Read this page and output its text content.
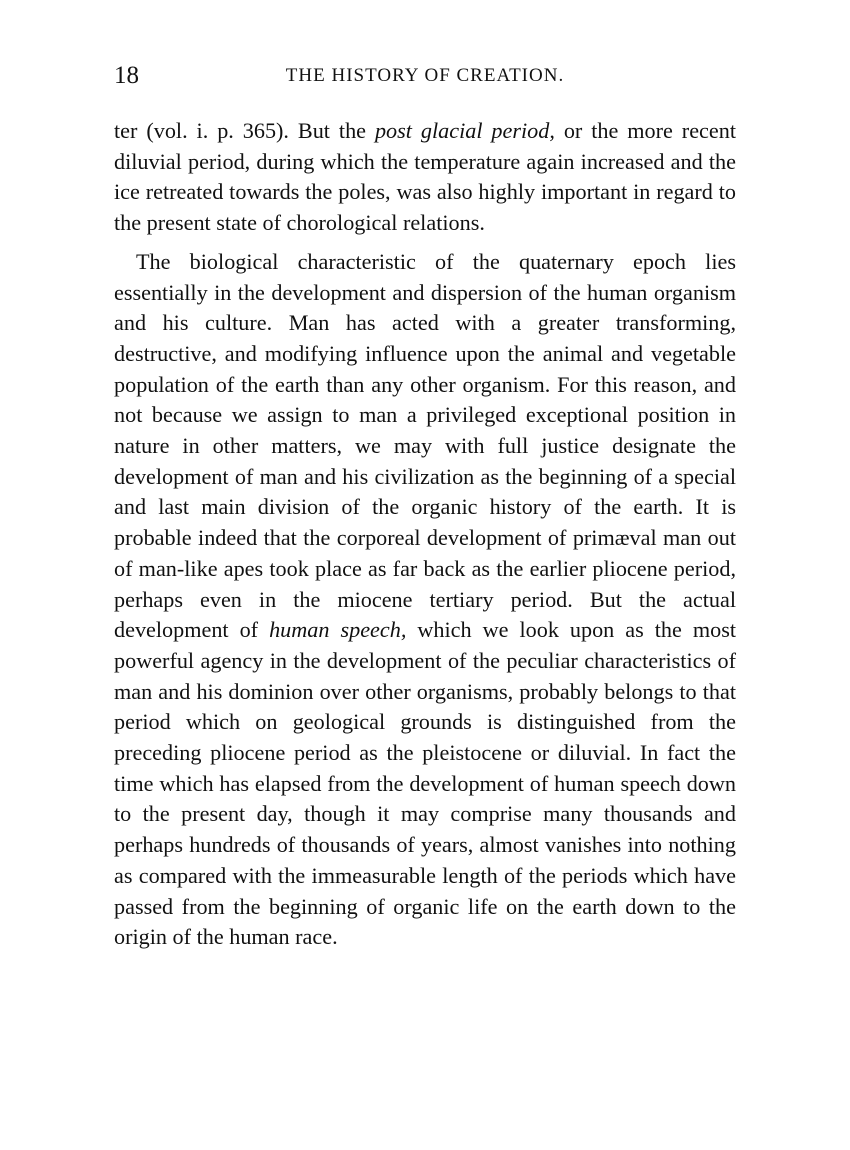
18	THE HISTORY OF CREATION.

ter (vol. i. p. 365). But the post glacial period, or the more recent diluvial period, during which the temperature again increased and the ice retreated towards the poles, was also highly important in regard to the present state of chorological relations.

The biological characteristic of the quaternary epoch lies essentially in the development and dispersion of the human organism and his culture. Man has acted with a greater transforming, destructive, and modifying influence upon the animal and vegetable population of the earth than any other organism. For this reason, and not because we assign to man a privileged exceptional position in nature in other matters, we may with full justice designate the development of man and his civilization as the beginning of a special and last main division of the organic history of the earth. It is probable indeed that the corporeal development of primæval man out of man-like apes took place as far back as the earlier pliocene period, perhaps even in the miocene tertiary period. But the actual development of human speech, which we look upon as the most powerful agency in the development of the peculiar characteristics of man and his dominion over other organisms, probably belongs to that period which on geological grounds is distinguished from the preceding pliocene period as the pleistocene or diluvial. In fact the time which has elapsed from the development of human speech down to the present day, though it may comprise many thousands and perhaps hundreds of thousands of years, almost vanishes into nothing as compared with the immeasurable length of the periods which have passed from the beginning of organic life on the earth down to the origin of the human race.
